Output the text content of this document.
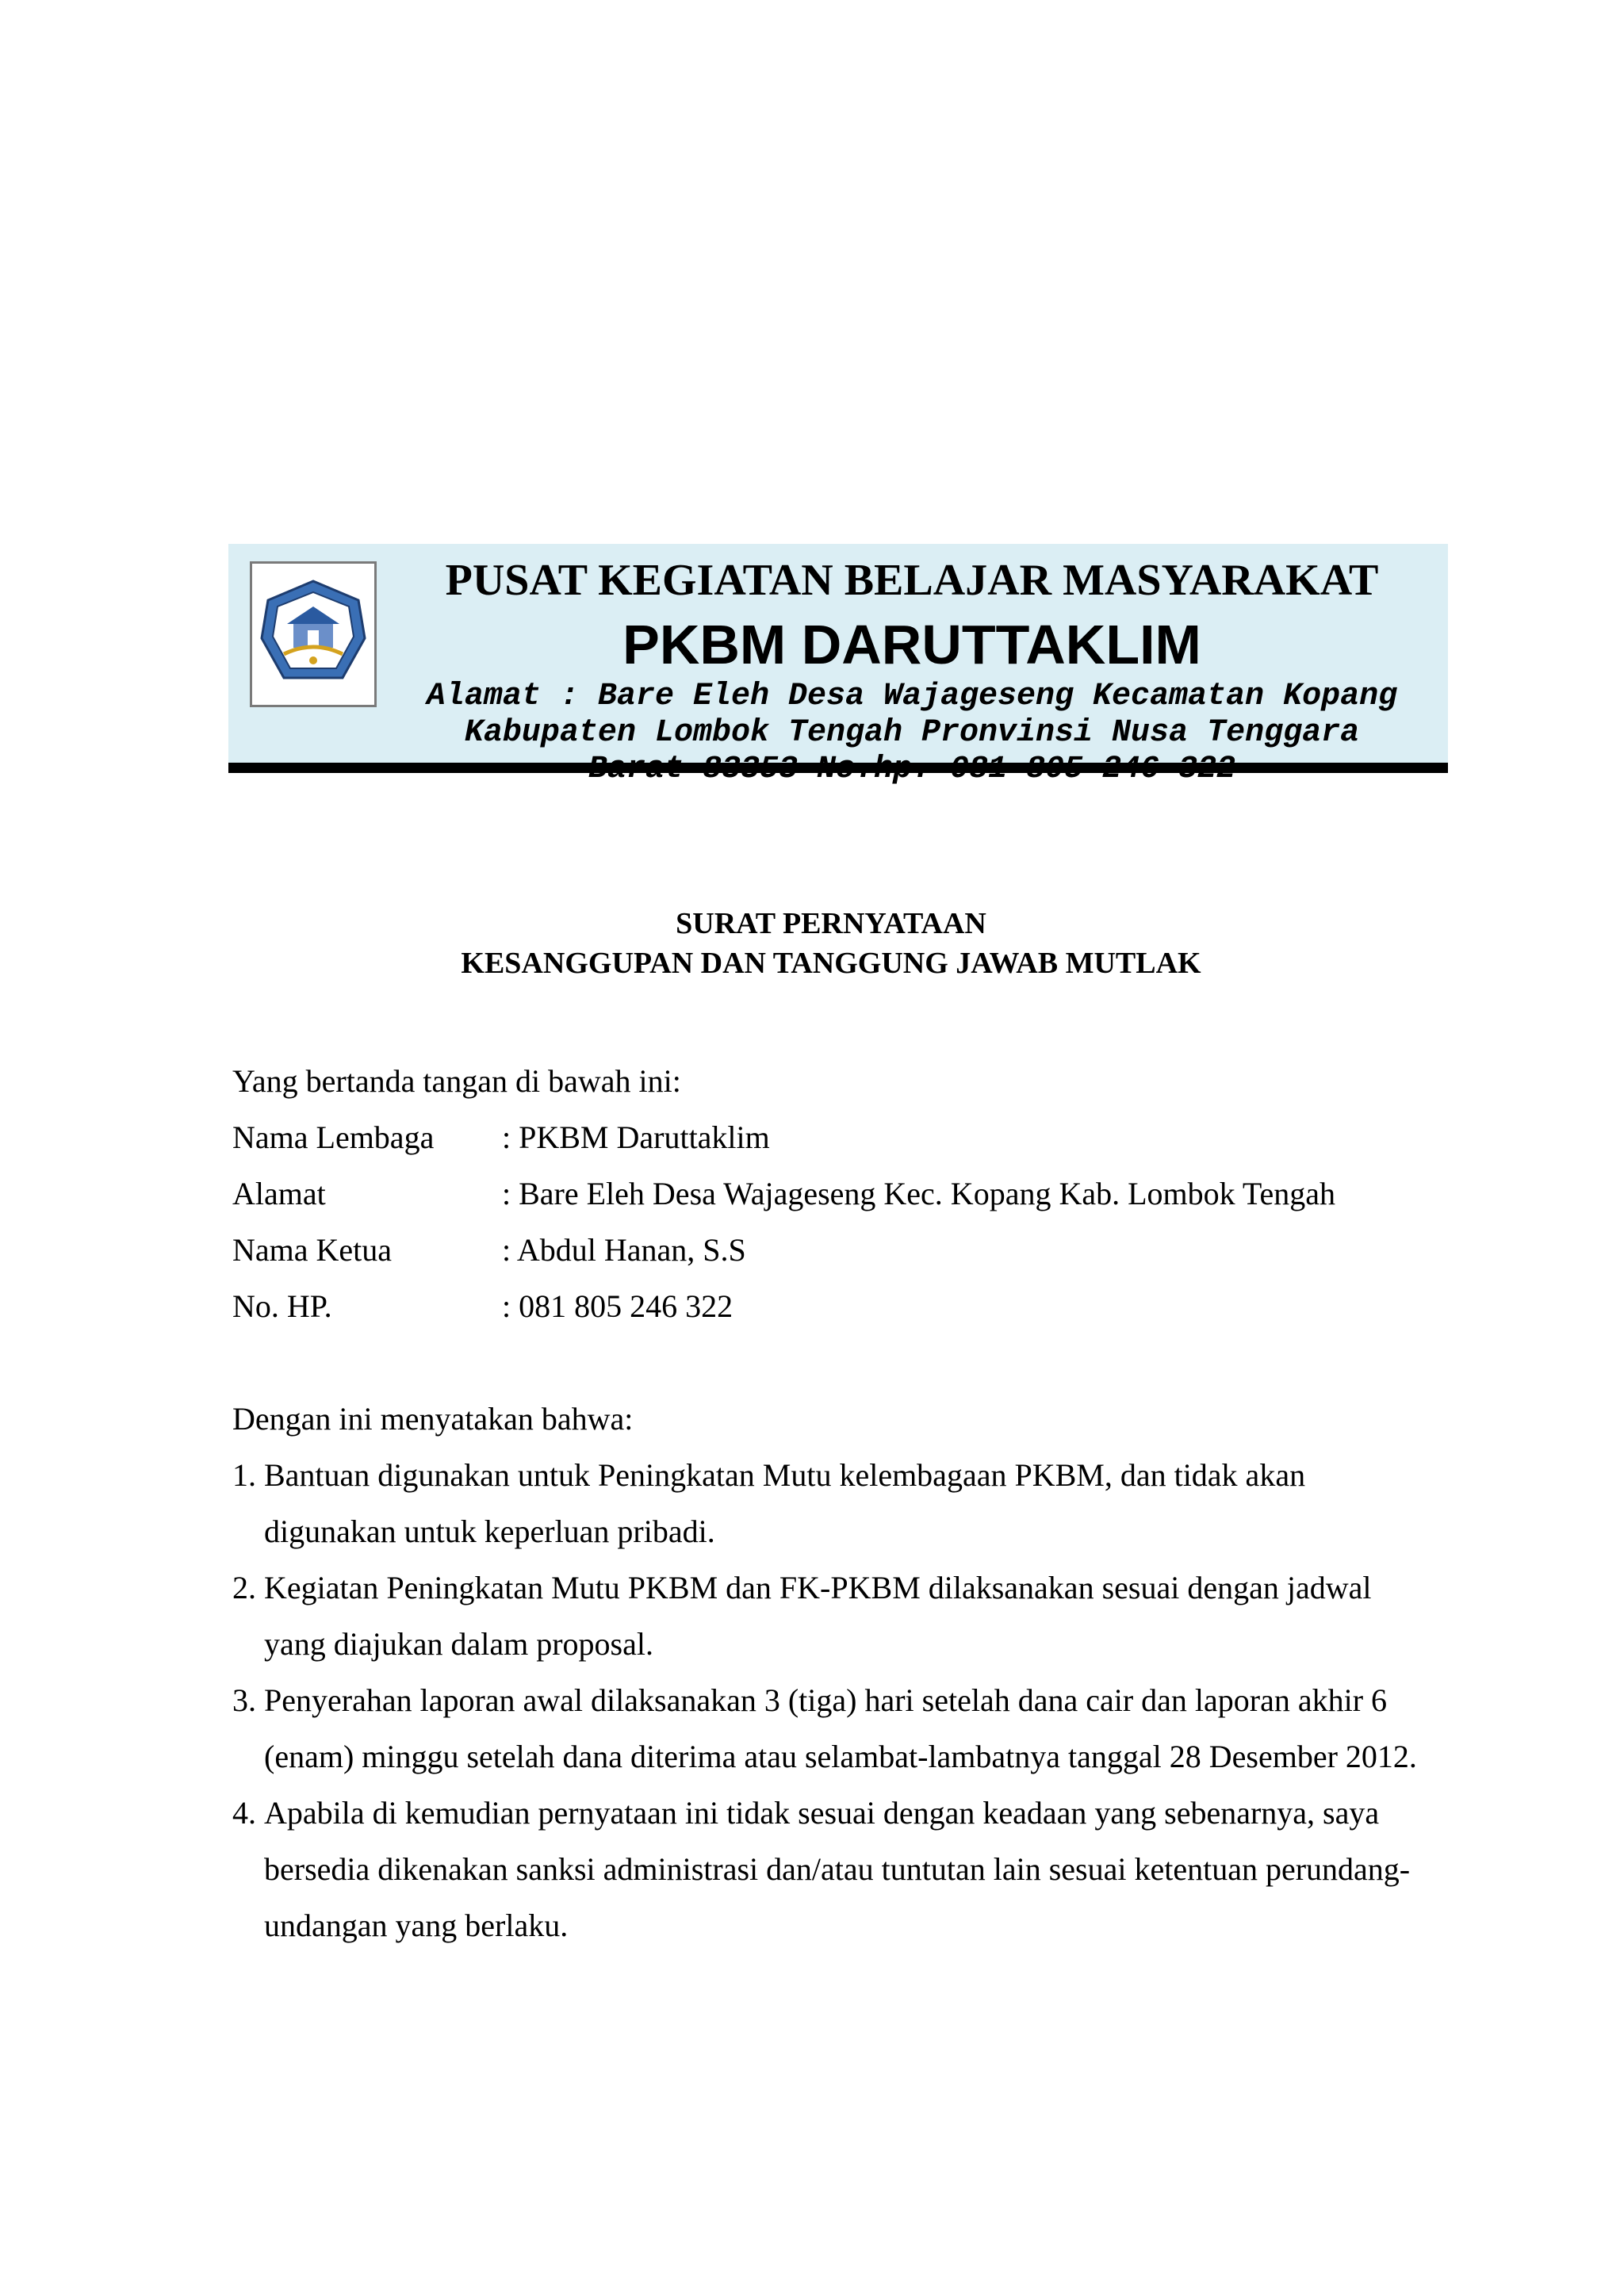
PUSAT KEGIATAN BELAJAR MASYARAKAT
PKBM DARUTTAKLIM
Alamat : Bare Eleh Desa Wajageseng Kecamatan Kopang
Kabupaten Lombok Tengah Pronvinsi Nusa Tenggara
SURAT PERNYATAAN
KESANGGUPAN DAN TANGGUNG JAWAB MUTLAK
Yang bertanda tangan di bawah ini:
Nama Lembaga	: PKBM Daruttaklim
Alamat	: Bare Eleh Desa Wajageseng Kec. Kopang Kab. Lombok Tengah
Nama Ketua	: Abdul Hanan, S.S
No. HP.	: 081 805 246 322
Dengan ini menyatakan bahwa:
1. Bantuan digunakan untuk Peningkatan Mutu kelembagaan PKBM, dan tidak akan digunakan untuk keperluan pribadi.
2. Kegiatan Peningkatan Mutu PKBM dan FK-PKBM dilaksanakan sesuai dengan jadwal yang diajukan dalam proposal.
3. Penyerahan laporan awal dilaksanakan 3 (tiga) hari setelah dana cair dan laporan akhir 6 (enam) minggu setelah dana diterima atau selambat-lambatnya tanggal 28 Desember 2012.
4. Apabila di kemudian pernyataan ini tidak sesuai dengan keadaan yang sebenarnya, saya bersedia dikenakan sanksi administrasi dan/atau tuntutan lain sesuai ketentuan perundang-undangan yang berlaku.
